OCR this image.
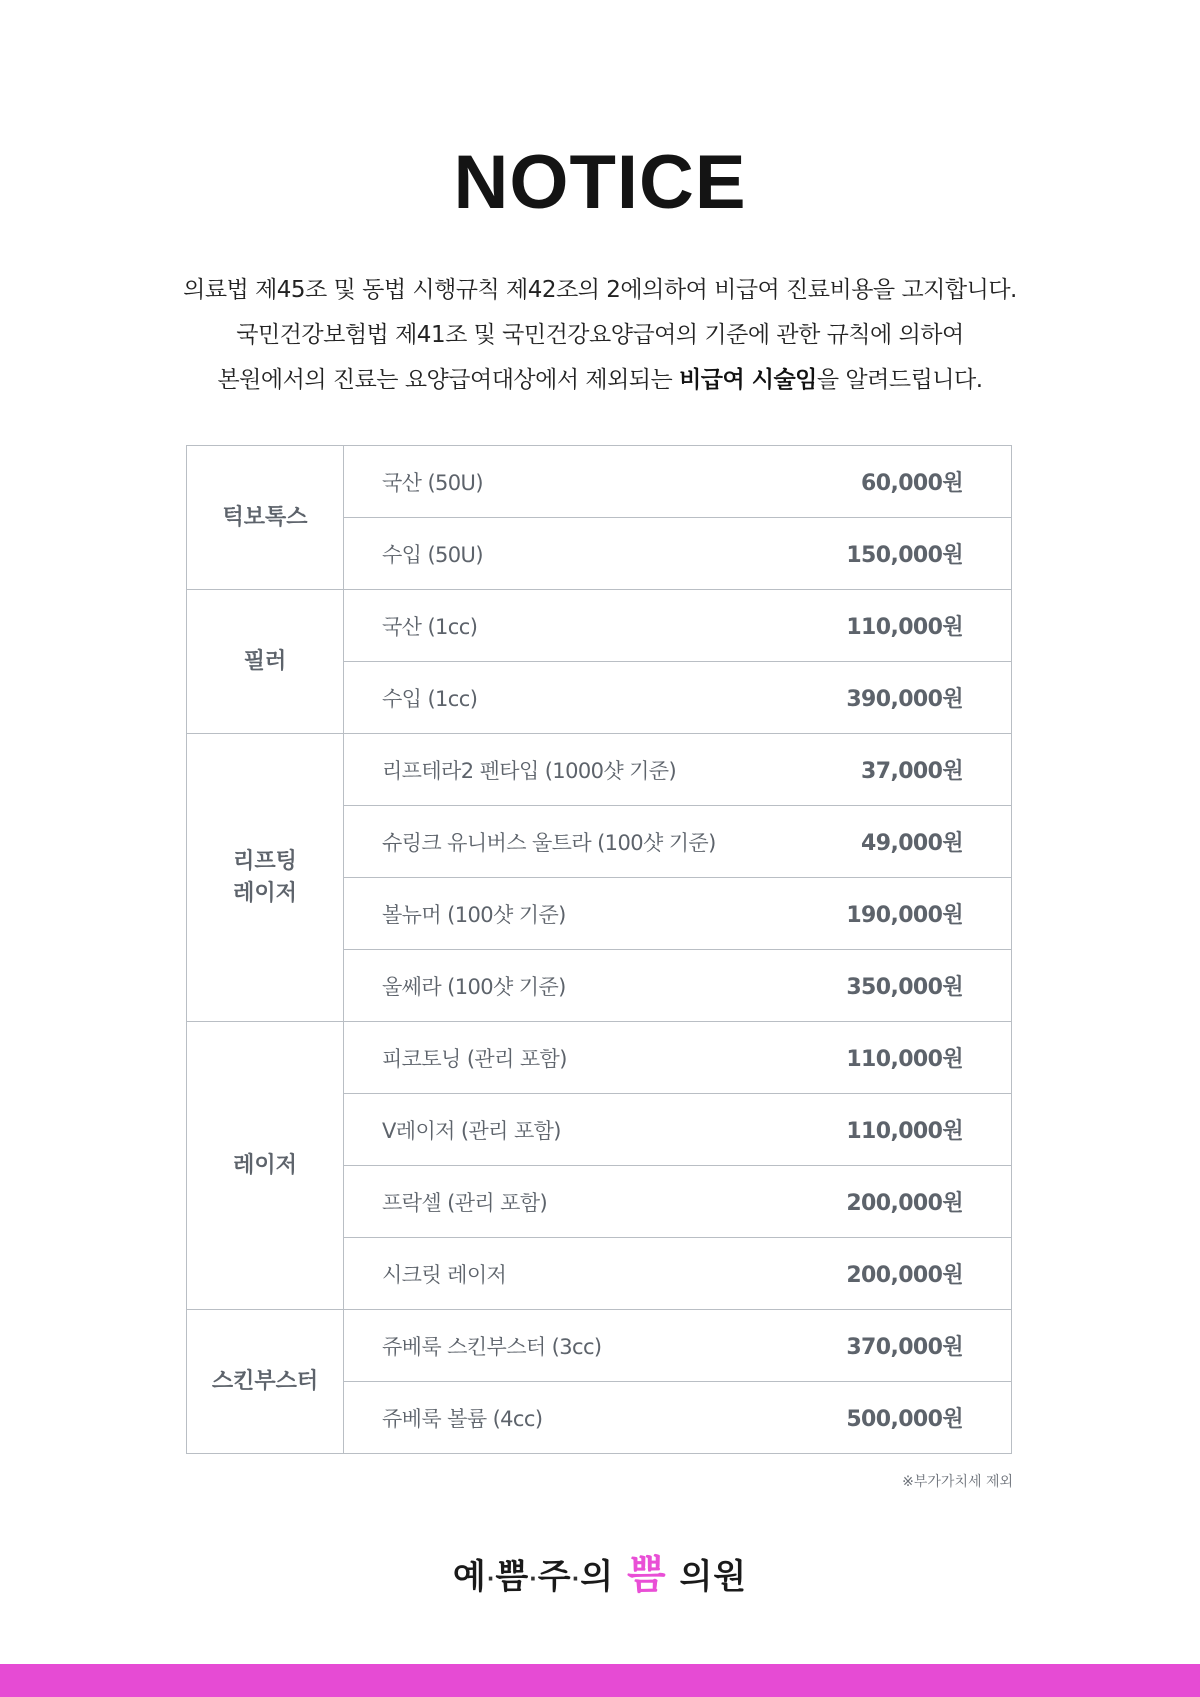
NOTICE

의료법 제45조 및 동법 시행규칙 제42조의 2에의하여 비급여 진료비용을 고지합니다.

국민건강보험법 제41조 및 국민건강요양급여의 기준에 관한 규칙에 의하여

본원에서의 진료는 요양급여대상에서 제외되는 비급여 시술임을 알려드립니다.

턱보톡스	국산 (50U)	60,000원
	수입 (50U)	150,000원
필러	국산 (1cc)	110,000원
	수입 (1cc)	390,000원

리프팅
레이저	리프테라2 펜타입 (1000샷 기준)	37,000원
	슈링크 유니버스 울트라 (100샷 기준)	49,000원
	볼뉴머 (100샷 기준)	190,000원
	울쎄라 (100샷 기준)	350,000원
레이저	피코토닝 (관리 포함)	110,000원
	V레이저 (관리 포함)	110,000원
	프락셀 (관리 포함)	200,000원
	시크릿 레이저	200,000원
스킨부스터	쥬베룩 스킨부스터 (3cc)	370,000원
	쥬베룩 볼륨 (4cc)	500,000원
※부가가치세 제외
예·쁨·주·의 쁨 의원
